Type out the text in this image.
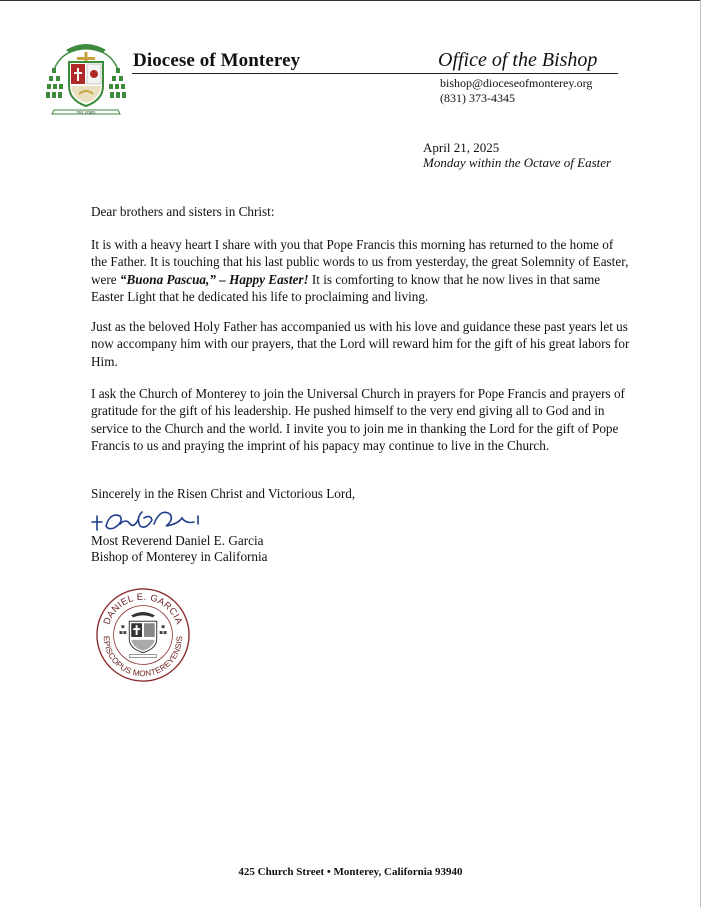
PAX VOBIS
Diocese of Monterey	Office of the Bishop
bishop@dioceseofmonterey.org
(831) 373-4345
April 21, 2025
Monday within the Octave of Easter
Dear brothers and sisters in Christ:
It is with a heavy heart I share with you that Pope Francis this morning has returned to the home of the Father. It is touching that his last public words to us from yesterday, the great Solemnity of Easter, were “Buona Pascua,” – Happy Easter! It is comforting to know that he now lives in that same Easter Light that he dedicated his life to proclaiming and living.
Just as the beloved Holy Father has accompanied us with his love and guidance these past years let us now accompany him with our prayers, that the Lord will reward him for the gift of his great labors for Him.
I ask the Church of Monterey to join the Universal Church in prayers for Pope Francis and prayers of gratitude for the gift of his leadership. He pushed himself to the very end giving all to God and in service to the Church and the world. I invite you to join me in thanking the Lord for the gift of Pope Francis to us and praying the imprint of his papacy may continue to live in the Church.
Sincerely in the Risen Christ and Victorious Lord,
Most Reverend Daniel E. Garcia
Bishop of Monterey in California
DANIEL E. GARCIA
EPISCOPUS MONTEREYENSIS
425 Church Street • Monterey, California 93940
